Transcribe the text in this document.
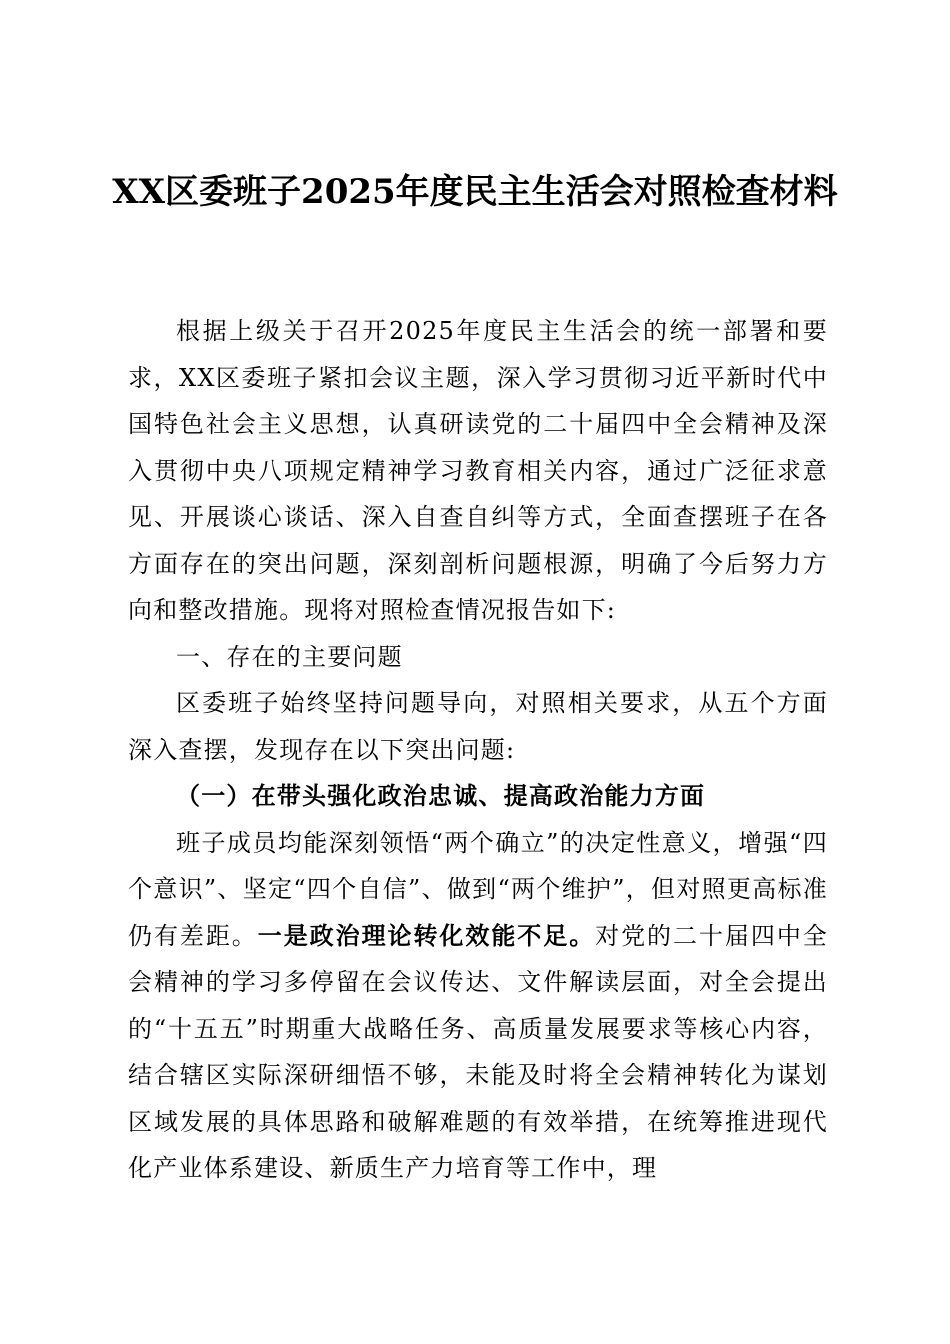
XX区委班子2025年度民主生活会对照检查材料

根据上级关于召开2025年度民主生活会的统一部署和要求，XX区委班子紧扣会议主题，深入学习贯彻习近平新时代中国特色社会主义思想，认真研读党的二十届四中全会精神及深入贯彻中央八项规定精神学习教育相关内容，通过广泛征求意见、开展谈心谈话、深入自查自纠等方式，全面查摆班子在各方面存在的突出问题，深刻剖析问题根源，明确了今后努力方向和整改措施。现将对照检查情况报告如下:

一、存在的主要问题

区委班子始终坚持问题导向，对照相关要求，从五个方面深入查摆，发现存在以下突出问题:

（一）在带头强化政治忠诚、提高政治能力方面

班子成员均能深刻领悟“两个确立”的决定性意义，增强“四个意识”、坚定“四个自信”、做到“两个维护”，但对照更高标准仍有差距。一是政治理论转化效能不足。对党的二十届四中全会精神的学习多停留在会议传达、文件解读层面，对全会提出的“十五五”时期重大战略任务、高质量发展要求等核心内容，结合辖区实际深研细悟不够，未能及时将全会精神转化为谋划区域发展的具体思路和破解难题的有效举措，在统筹推进现代化产业体系建设、新质生产力培育等工作中，理
